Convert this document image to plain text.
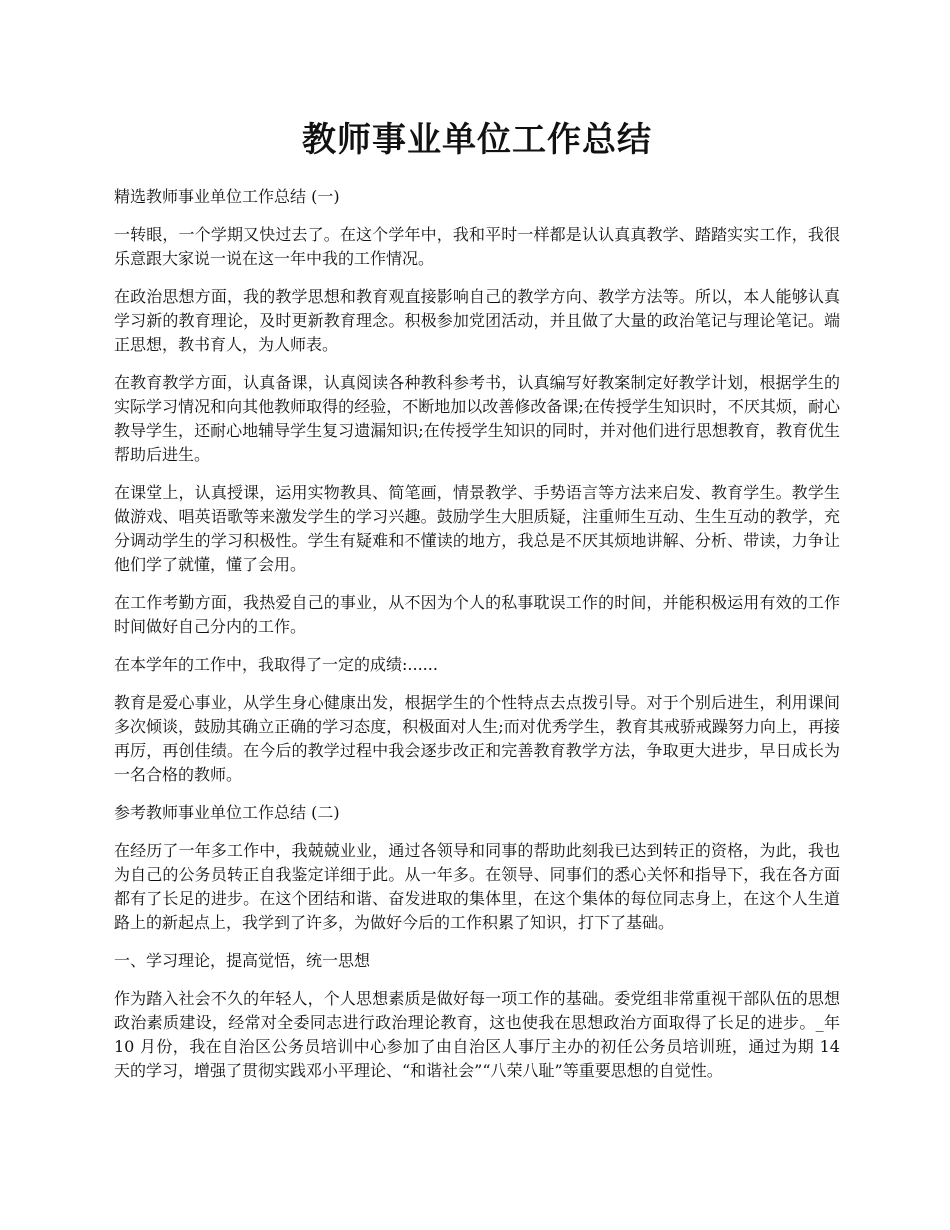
教师事业单位工作总结
精选教师事业单位工作总结 (一)

一转眼，一个学期又快过去了。在这个学年中，我和平时一样都是认认真真教学、踏踏实实工作，我很乐意跟大家说一说在这一年中我的工作情况。

在政治思想方面，我的教学思想和教育观直接影响自己的教学方向、教学方法等。所以，本人能够认真学习新的教育理论，及时更新教育理念。积极参加党团活动，并且做了大量的政治笔记与理论笔记。端正思想，教书育人，为人师表。

在教育教学方面，认真备课，认真阅读各种教科参考书，认真编写好教案制定好教学计划，根据学生的实际学习情况和向其他教师取得的经验，不断地加以改善修改备课;在传授学生知识时，不厌其烦，耐心教导学生，还耐心地辅导学生复习遗漏知识;在传授学生知识的同时，并对他们进行思想教育，教育优生帮助后进生。

在课堂上，认真授课，运用实物教具、简笔画，情景教学、手势语言等方法来启发、教育学生。教学生做游戏、唱英语歌等来激发学生的学习兴趣。鼓励学生大胆质疑，注重师生互动、生生互动的教学，充分调动学生的学习积极性。学生有疑难和不懂读的地方，我总是不厌其烦地讲解、分析、带读，力争让他们学了就懂，懂了会用。

在工作考勤方面，我热爱自己的事业，从不因为个人的私事耽误工作的时间，并能积极运用有效的工作时间做好自己分内的工作。

在本学年的工作中，我取得了一定的成绩:......

教育是爱心事业，从学生身心健康出发，根据学生的个性特点去点拨引导。对于个别后进生，利用课间多次倾谈，鼓励其确立正确的学习态度，积极面对人生;而对优秀学生，教育其戒骄戒躁努力向上，再接再厉，再创佳绩。在今后的教学过程中我会逐步改正和完善教育教学方法，争取更大进步，早日成长为一名合格的教师。

参考教师事业单位工作总结 (二)

在经历了一年多工作中，我兢兢业业，通过各领导和同事的帮助此刻我已达到转正的资格，为此，我也为自己的公务员转正自我鉴定详细于此。从一年多。在领导、同事们的悉心关怀和指导下，我在各方面都有了长足的进步。在这个团结和谐、奋发进取的集体里，在这个集体的每位同志身上，在这个人生道路上的新起点上，我学到了许多，为做好今后的工作积累了知识，打下了基础。

一、学习理论，提高觉悟，统一思想

作为踏入社会不久的年轻人，个人思想素质是做好每一项工作的基础。委党组非常重视干部队伍的思想政治素质建设，经常对全委同志进行政治理论教育，这也使我在思想政治方面取得了长足的进步。_年 10 月份，我在自治区公务员培训中心参加了由自治区人事厅主办的初任公务员培训班，通过为期 14 天的学习，增强了贯彻实践邓小平理论、“和谐社会”“八荣八耻”等重要思想的自觉性。
